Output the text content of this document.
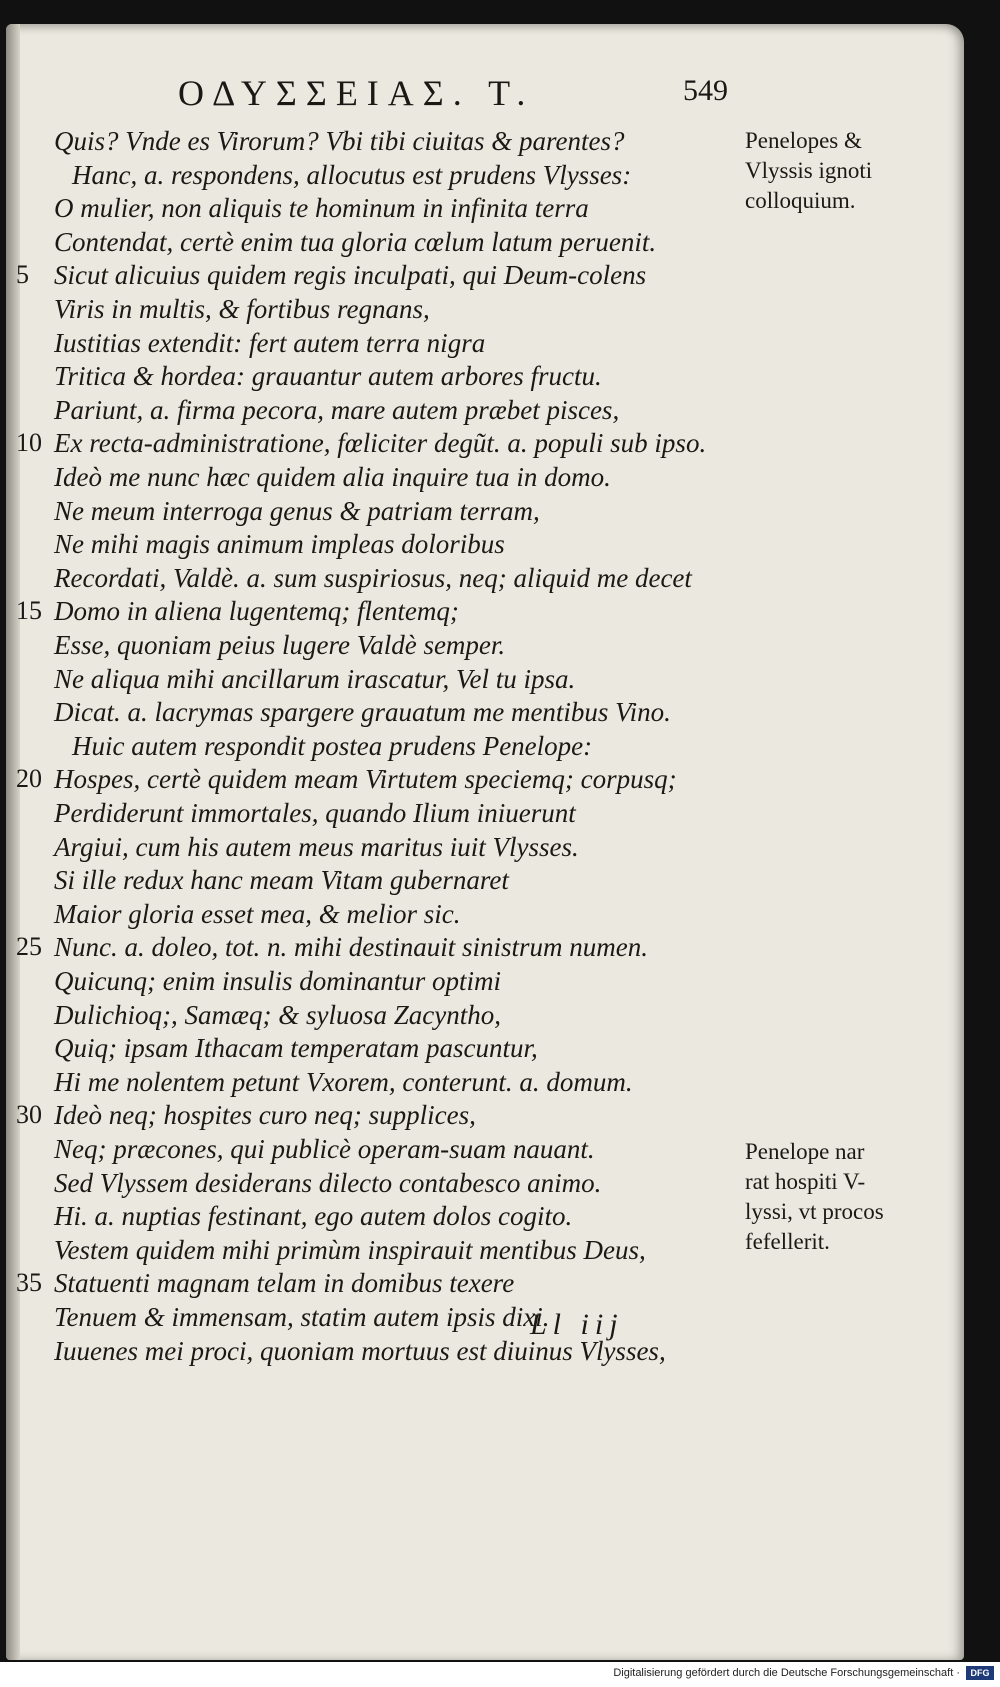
ΟΔΥΣΣΕΙΑΣ. Τ.	549
Quis? Vnde es Virorum? Vbi tibi ciuitas & parentes?
Hanc, a. respondens, allocutus est prudens Vlysses:
O mulier, non aliquis te hominum in infinita terra
Contendat, certè enim tua gloria cœlum latum peruenit.
5 Sicut alicuius quidem regis inculpati, qui Deum-colens
Viris in multis, & fortibus regnans,
Iustitias extendit: fert autem terra nigra
Triticа & hordea: grauantur autem arbores fructu.
Pariunt, a. firma pecora, mare autem præbet pisces,
10 Ex recta-administratione, fœliciter degũt. a. populi sub ipso.
Ideò me nunc hæc quidem alia inquire tua in domo.
Ne meum interroga genus & patriam terram,
Ne mihi magis animum impleas doloribus
Recordati, Valdè. a. sum suspiriosus, neq; aliquid me decet
15 Domo in aliena lugentemq; flentemq;
Esse, quoniam peius lugere Valdè semper.
Ne aliqua mihi ancillarum irascatur, Vel tu ipsa.
Dicat. a. lacrymas spargere grauatum me mentibus Vino.
Huic autem respondit postea prudens Penelope:
20 Hospes, certè quidem meam Virtutem speciemq; corpusq;
Perdiderunt immortales, quando Ilium iniuerunt
Argiui, cum his autem meus maritus iuit Vlysses.
Si ille redux hanc meam Vitam gubernaret
Maior gloria esset mea, & melior sic.
25 Nunc. a. doleo, tot. n. mihi destinauit sinistrum numen.
Quicunq; enim insulis dominantur optimi
Dulichioq;, Samæq; & syluosa Zacyntho,
Quiq; ipsam Ithacam temperatam pascuntur,
Hi me nolentem petunt Vxorem, conterunt. a. domum.
30 Ideò neq; hospites curo neq; supplices,
Neq; præcones, qui publicè operam-suam nauant.
Sed Vlyssem desiderans dilecto contabesco animo.
Hi. a. nuptias festinant, ego autem dolos cogito.
Vestem quidem mihi primùm inspirauit mentibus Deus,
35 Statuenti magnam telam in domibus texere
Tenuem & immensam, statim autem ipsis dixi.
Iuuenes mei proci, quoniam mortuus est diuinus Vlysses,
Ll iij
Penelopes &
Vlyssis ignoti
colloquium.
Penelope nar
rat hospiti V-
lyssi, vt procos
fefellerit.
Digitalisierung gefördert durch die Deutsche Forschungsgemeinschaft ·	DFG
